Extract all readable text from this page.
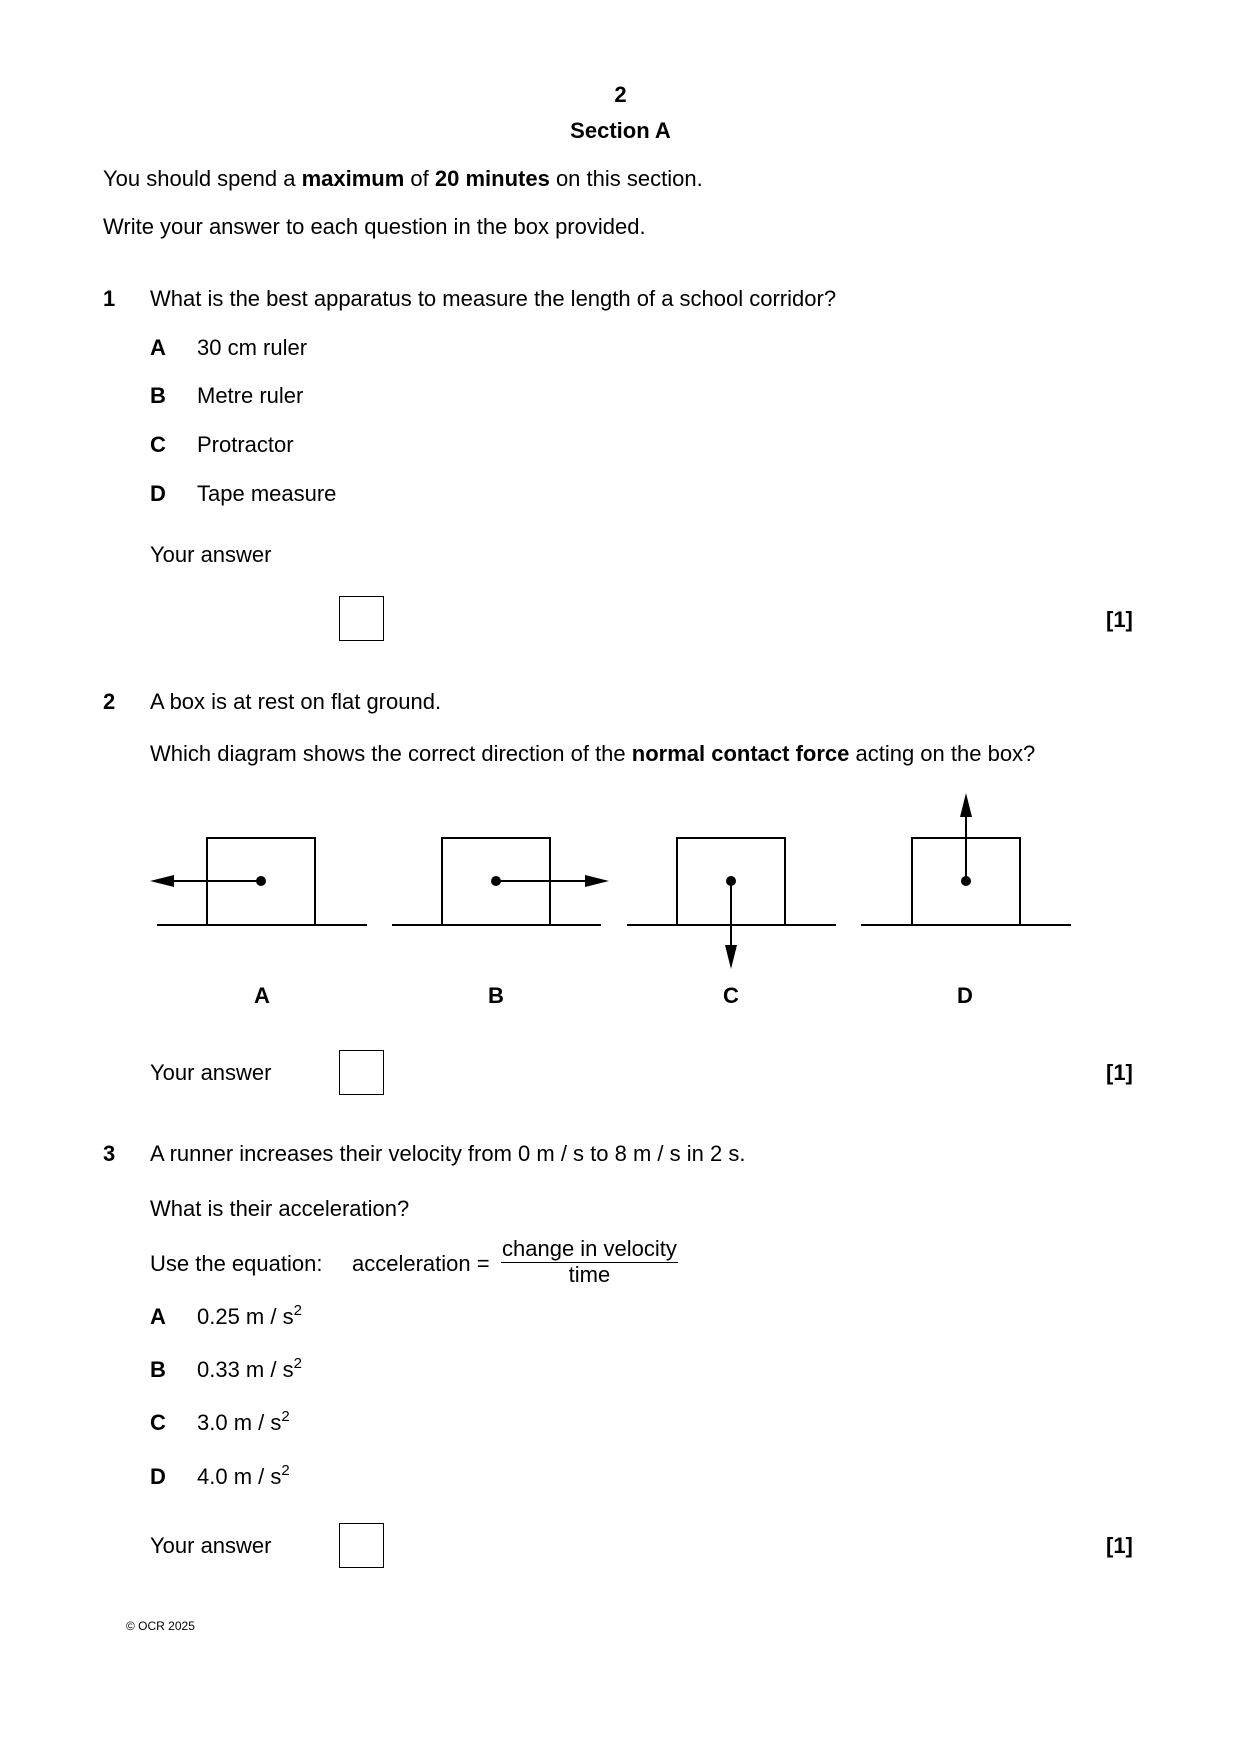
2
Section A
You should spend a maximum of 20 minutes on this section.
Write your answer to each question in the box provided.
1 What is the best apparatus to measure the length of a school corridor?
A 30 cm ruler
B Metre ruler
C Protractor
D Tape measure
Your answer
[1]
2 A box is at rest on flat ground.
Which diagram shows the correct direction of the normal contact force acting on the box?
A	B	C	D
Your answer	[1]
3 A runner increases their velocity from 0 m / s to 8 m / s in 2 s.
What is their acceleration?
Use the equation: acceleration =
change in velocity
time
A 0.25 m / $s^2$
B 0.33 m / $s^2$
C 3.0 m / $s^2$
D 4.0 m / $s^2$
Your answer	[1]
© OCR 2025
